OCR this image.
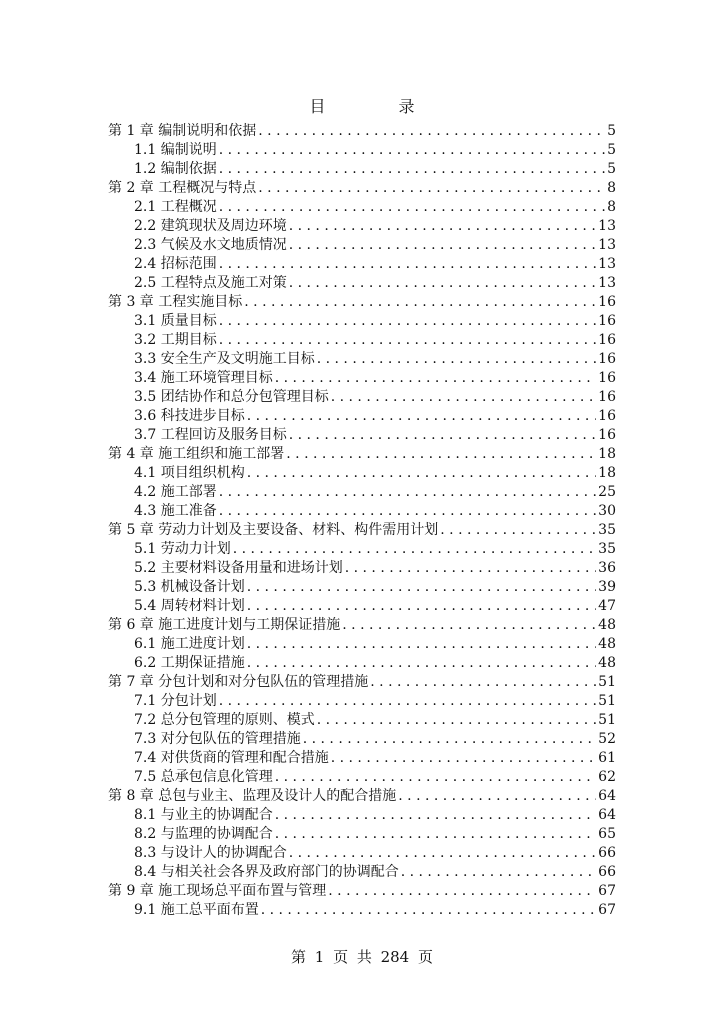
目 录
第 1 章 编制说明和依据 . . .	5
1.1 编制说明 . . .	5
1.2 编制依据 . . .	5
第 2 章 工程概况与特点 . . .	8
2.1 工程概况 . . .	8
2.2 建筑现状及周边环境 . . .	13
2.3 气候及水文地质情况 . . .	13
2.4 招标范围 . . .	13
2.5 工程特点及施工对策 . . .	13
第 3 章 工程实施目标 . . .	16
3.1 质量目标 . . .	16
3.2 工期目标 . . .	16
3.3 安全生产及文明施工目标 . . .	16
3.4 施工环境管理目标 . . .	16
3.5 团结协作和总分包管理目标 . . .	16
3.6 科技进步目标 . . .	16
3.7 工程回访及服务目标 . . .	16
第 4 章 施工组织和施工部署 . . .	18
4.1 项目组织机构 . . .	18
4.2 施工部署 . . .	25
4.3 施工准备 . . .	30
第 5 章 劳动力计划及主要设备、材料、构件需用计划 . . .	35
5.1 劳动力计划 . . .	35
5.2 主要材料设备用量和进场计划 . . .	36
5.3 机械设备计划 . . .	39
5.4 周转材料计划 . . .	47
第 6 章 施工进度计划与工期保证措施 . . .	48
6.1 施工进度计划 . . .	48
6.2 工期保证措施 . . .	48
第 7 章 分包计划和对分包队伍的管理措施 . . .	51
7.1 分包计划 . . .	51
7.2 总分包管理的原则、模式 . . .	51
7.3 对分包队伍的管理措施 . . .	52
7.4 对供货商的管理和配合措施 . . .	61
7.5 总承包信息化管理 . . .	62
第 8 章 总包与业主、监理及设计人的配合措施 . . .	64
8.1 与业主的协调配合 . . .	64
8.2 与监理的协调配合 . . .	65
8.3 与设计人的协调配合 . . .	66
8.4 与相关社会各界及政府部门的协调配合 . . .	66
第 9 章 施工现场总平面布置与管理 . . .	67
9.1 施工总平面布置 . . .	67
第 1 页 共 284 页
